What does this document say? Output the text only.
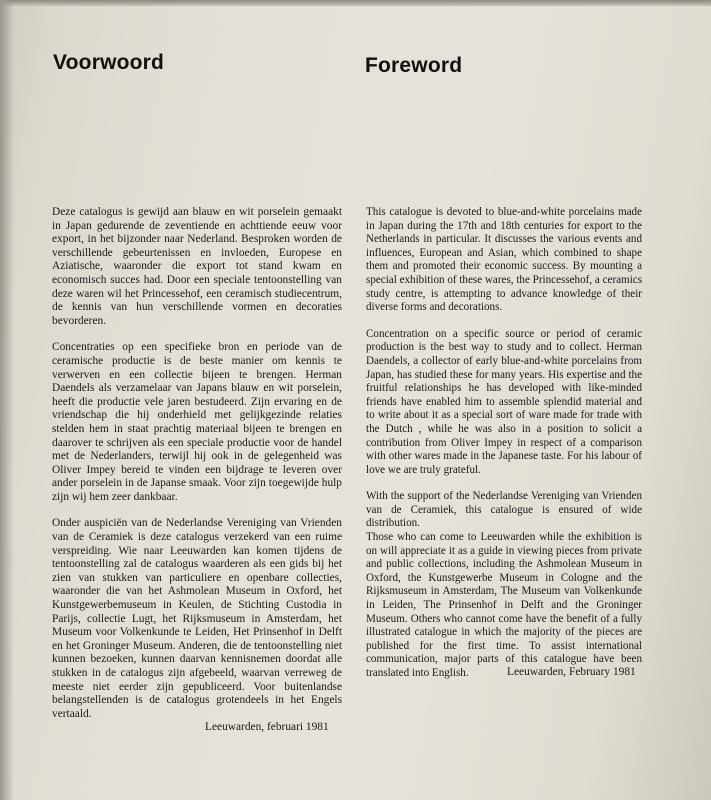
Voorwoord	Foreword

Deze catalogus is gewijd aan blauw en wit porselein gemaakt in Japan gedurende de zeventiende en achttiende eeuw voor export, in het bijzonder naar Nederland. Besproken worden de verschillende gebeurtenissen en invloeden, Europese en Aziatische, waaronder die export tot stand kwam en economisch succes had. Door een speciale tentoonstelling van deze waren wil het Princessehof, een ceramisch studiecentrum, de kennis van hun verschillende vormen en decoraties bevorderen.

Concentraties op een specifieke bron en periode van de ceramische productie is de beste manier om kennis te verwerven en een collectie bijeen te brengen. Herman Daendels als verzamelaar van Japans blauw en wit porselein, heeft die productie vele jaren bestudeerd. Zijn ervaring en de vriendschap die hij onderhield met gelijkgezinde relaties stelden hem in staat prachtig materiaal bijeen te brengen en daarover te schrijven als een speciale productie voor de handel met de Nederlanders, terwijl hij ook in de gelegenheid was Oliver Impey bereid te vinden een bijdrage te leveren over ander porselein in de Japanse smaak. Voor zijn toegewijde hulp zijn wij hem zeer dankbaar.

Onder auspiciën van de Nederlandse Vereniging van Vrienden van de Ceramiek is deze catalogus verzekerd van een ruime verspreiding. Wie naar Leeuwarden kan komen tijdens de tentoonstelling zal de catalogus waarderen als een gids bij het zien van stukken van particuliere en openbare collecties, waaronder die van het Ashmolean Museum in Oxford, het Kunstgewerbemuseum in Keulen, de Stichting Custodia in Parijs, collectie Lugt, het Rijksmuseum in Amsterdam, het Museum voor Volkenkunde te Leiden, Het Prinsenhof in Delft en het Groninger Museum. Anderen, die de tentoonstelling niet kunnen bezoeken, kunnen daarvan kennisnemen doordat alle stukken in de catalogus zijn afgebeeld, waarvan verreweg de meeste niet eerder zijn gepubliceerd. Voor buitenlandse belangstellenden is de catalogus grotendeels in het Engels vertaald.

This catalogue is devoted to blue-and-white porcelains made in Japan during the 17th and 18th centuries for export to the Netherlands in particular. It discusses the various events and influences, European and Asian, which combined to shape them and promoted their economic success. By mounting a special exhibition of these wares, the Princessehof, a ceramics study centre, is attempting to advance knowledge of their diverse forms and decorations.

Concentration on a specific source or period of ceramic production is the best way to study and to collect. Herman Daendels, a collector of early blue-and-white porcelains from Japan, has studied these for many years. His expertise and the fruitful relationships he has developed with like-minded friends have enabled him to assemble splendid material and to write about it as a special sort of ware made for trade with the Dutch , while he was also in a position to solicit a contribution from Oliver Impey in respect of a comparison with other wares made in the Japanese taste. For his labour of love we are truly grateful.

With the support of the Nederlandse Vereniging van Vrienden van de Ceramiek, this catalogue is ensured of wide distribution.

Those who can come to Leeuwarden while the exhibition is on will appreciate it as a guide in viewing pieces from private and public collections, including the Ashmolean Museum in Oxford, the Kunstgewerbe Museum in Cologne and the Rijksmuseum in Amsterdam, The Museum van Volkenkunde in Leiden, The Prinsenhof in Delft and the Groninger Museum. Others who cannot come have the benefit of a fully illustrated catalogue in which the majority of the pieces are published for the first time. To assist international communication, major parts of this catalogue have been translated into English.

Leeuwarden, februari 1981
Leeuwarden, February 1981
